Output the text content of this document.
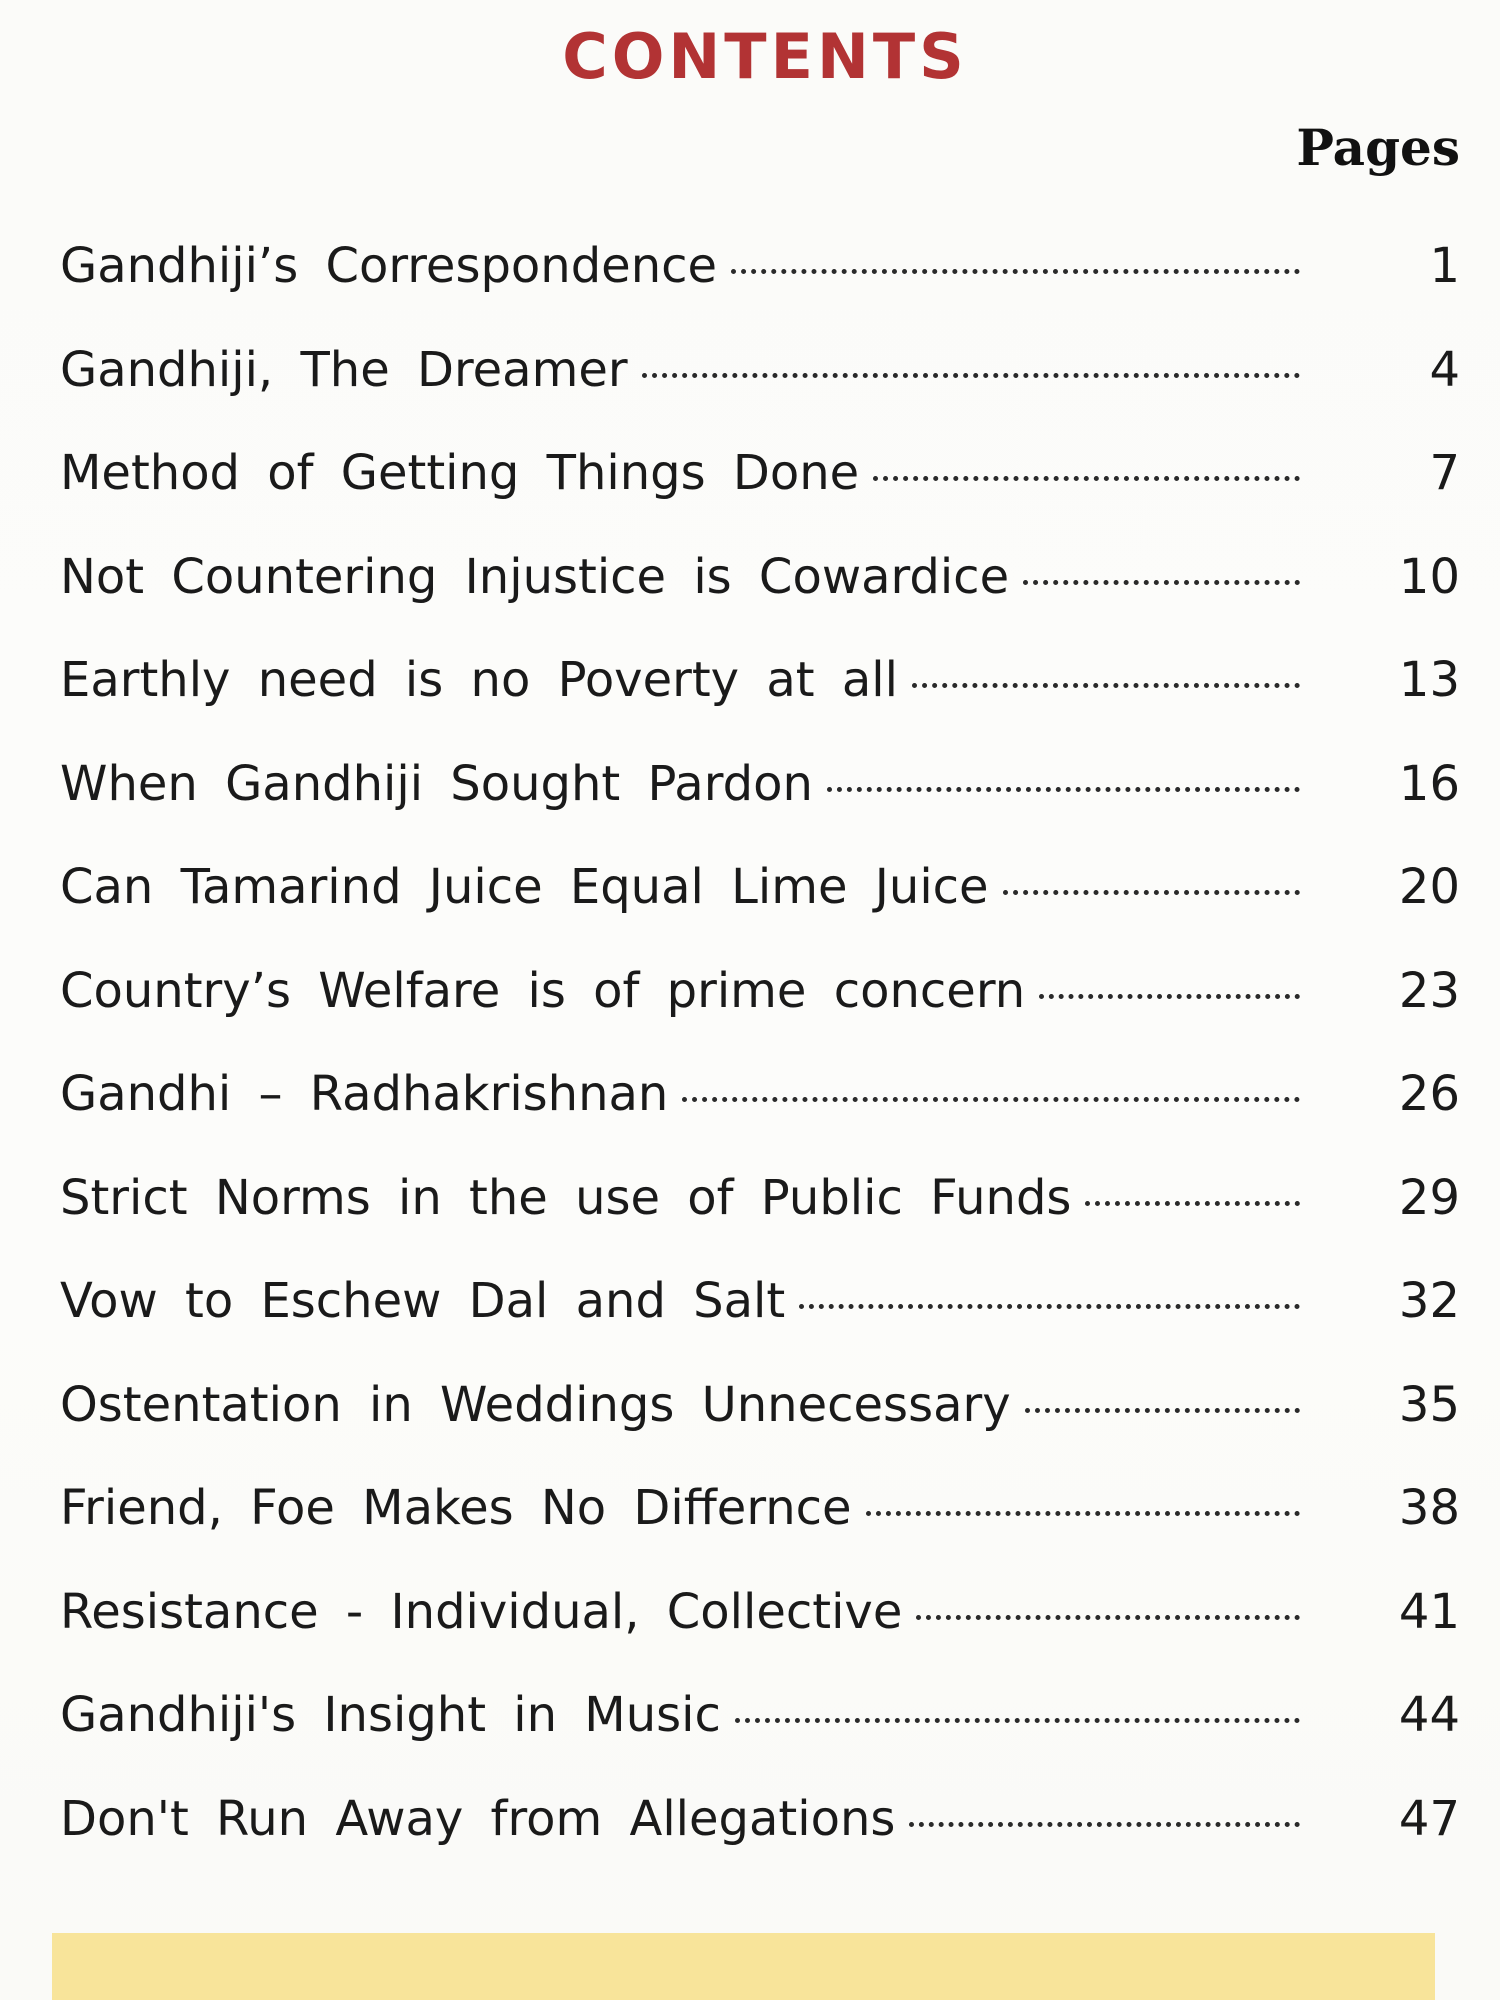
CONTENTS
Pages
Gandhiji’s Correspondence	1
Gandhiji, The Dreamer	4
Method of Getting Things Done	7
Not Countering Injustice is Cowardice	10
Earthly need is no Poverty at all	13
When Gandhiji Sought Pardon	16
Can Tamarind Juice Equal Lime Juice	20
Country’s Welfare is of prime concern	23
Gandhi – Radhakrishnan	26
Strict Norms in the use of Public Funds	29
Vow to Eschew Dal and Salt	32
Ostentation in Weddings Unnecessary	35
Friend, Foe Makes No Differnce	38
Resistance - Individual, Collective	41
Gandhiji's Insight in Music	44
Don't Run Away from Allegations	47
